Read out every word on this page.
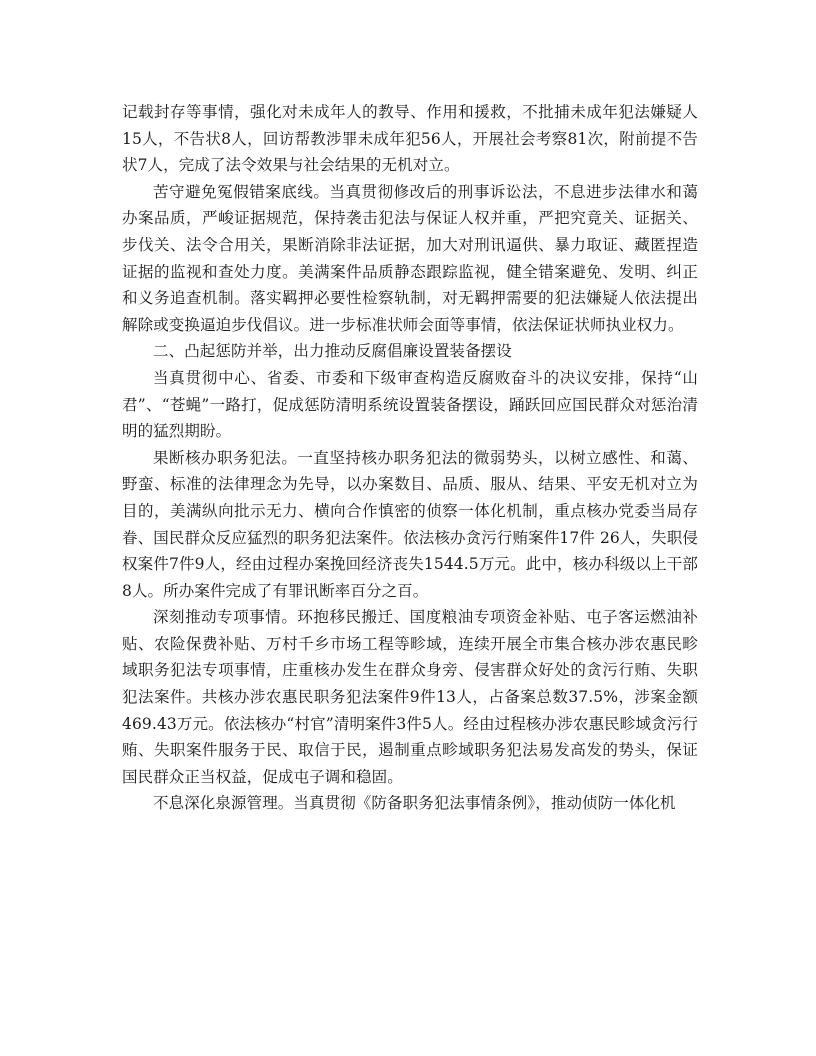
记载封存等事情，强化对未成年人的教导、作用和援救，不批捕未成年犯法嫌疑人15人，不告状8人，回访帮教涉罪未成年犯56人，开展社会考察81次，附前提不告状7人，完成了法令效果与社会结果的无机对立。

苦守避免冤假错案底线。当真贯彻修改后的刑事诉讼法，不息进步法律水和蔼办案品质，严峻证据规范，保持袭击犯法与保证人权并重，严把究竟关、证据关、步伐关、法令合用关，果断消除非法证据，加大对刑讯逼供、暴力取证、藏匿捏造证据的监视和查处力度。美满案件品质静态跟踪监视，健全错案避免、发明、纠正和义务追查机制。落实羁押必要性检察轨制，对无羁押需要的犯法嫌疑人依法提出解除或变换逼迫步伐倡议。进一步标准状师会面等事情，依法保证状师执业权力。

二、凸起惩防并举，出力推动反腐倡廉设置装备摆设

当真贯彻中心、省委、市委和下级审查构造反腐败奋斗的决议安排，保持“山君”、“苍蝇”一路打，促成惩防清明系统设置装备摆设，踊跃回应国民群众对惩治清明的猛烈期盼。

果断核办职务犯法。一直坚持核办职务犯法的微弱势头，以树立感性、和蔼、野蛮、标准的法律理念为先导，以办案数目、品质、服从、结果、平安无机对立为目的，美满纵向批示无力、横向合作慎密的侦察一体化机制，重点核办党委当局存眷、国民群众反应猛烈的职务犯法案件。依法核办贪污行贿案件17件 26人，失职侵权案件7件9人，经由过程办案挽回经济丧失1544.5万元。此中，核办科级以上干部8人。所办案件完成了有罪讯断率百分之百。

深刻推动专项事情。环抱移民搬迁、国度粮油专项资金补贴、屯子客运燃油补贴、农险保费补贴、万村千乡市场工程等畛域，连续开展全市集合核办涉农惠民畛域职务犯法专项事情，庄重核办发生在群众身旁、侵害群众好处的贪污行贿、失职犯法案件。共核办涉农惠民职务犯法案件9件13人，占备案总数37.5%，涉案金额469.43万元。依法核办“村官”清明案件3件5人。经由过程核办涉农惠民畛域贪污行贿、失职案件服务于民、取信于民，遏制重点畛域职务犯法易发高发的势头，保证国民群众正当权益，促成屯子调和稳固。

不息深化泉源管理。当真贯彻《防备职务犯法事情条例》，推动侦防一体化机
